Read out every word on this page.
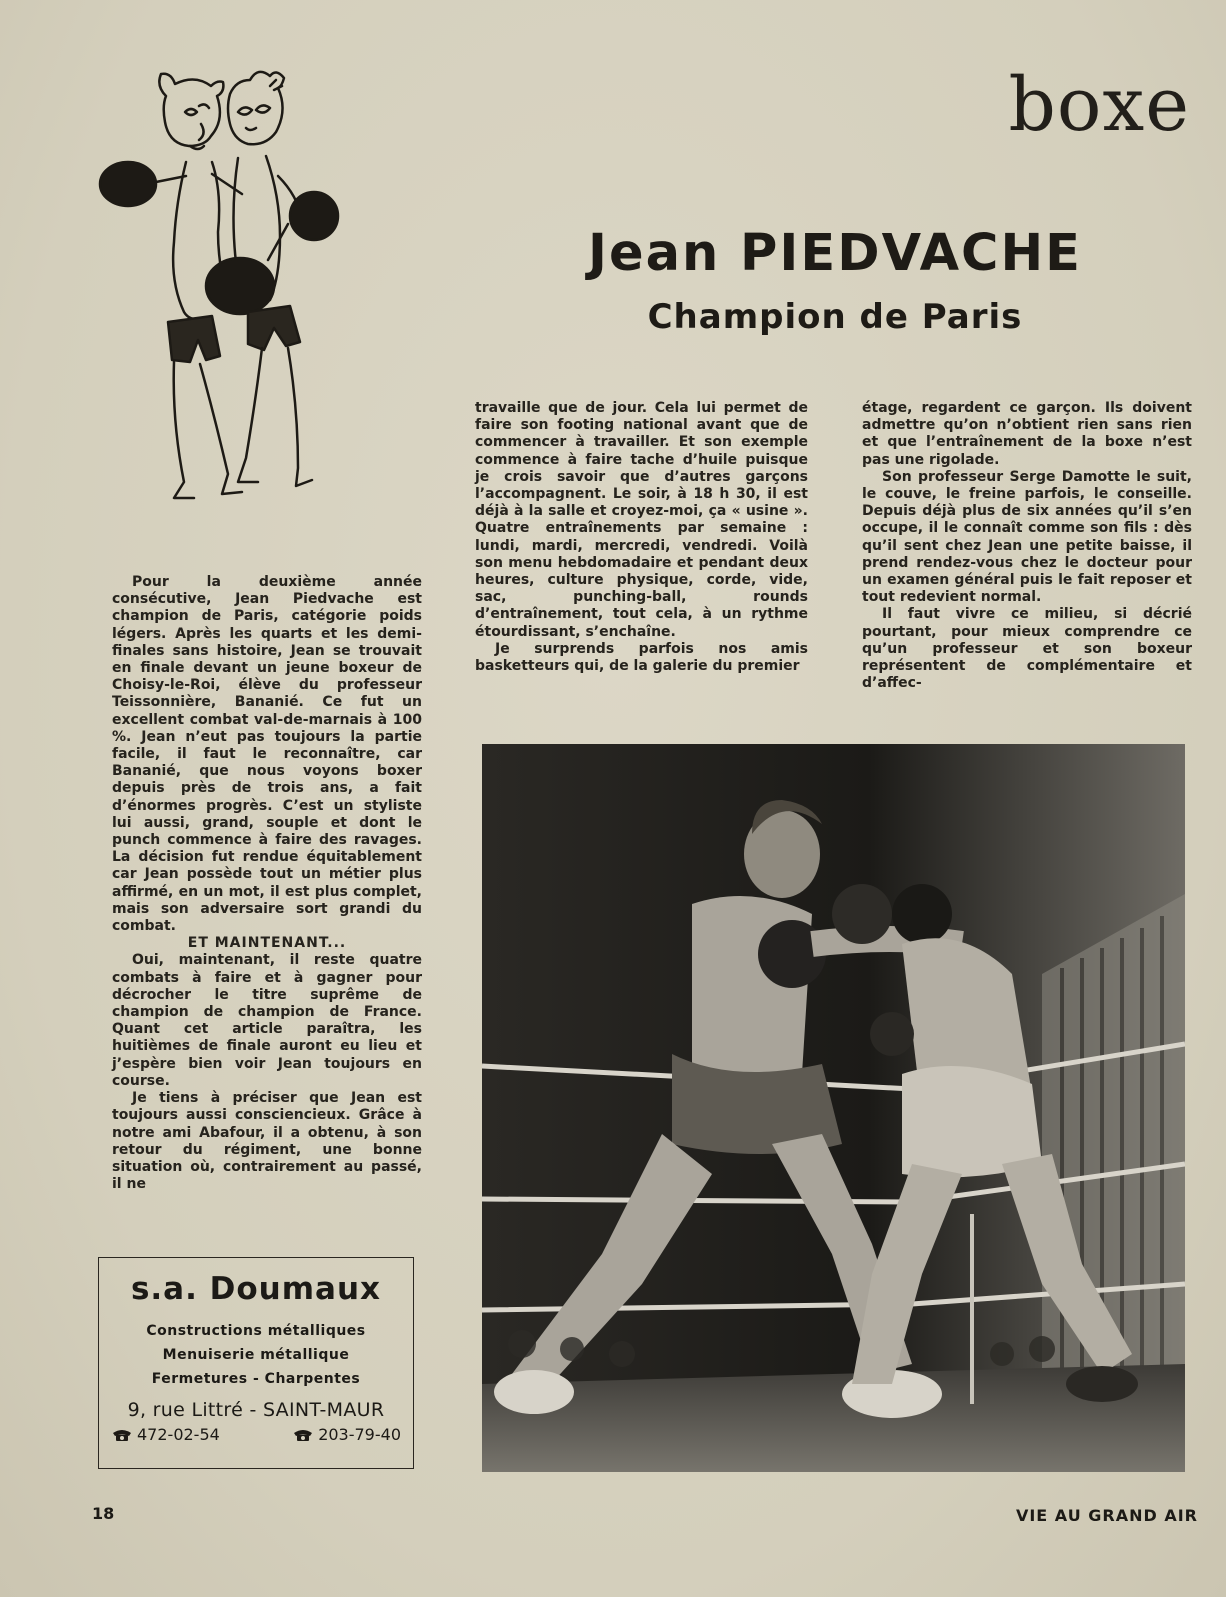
boxe
Jean PIEDVACHE
Champion de Paris

Pour la deuxième année consécutive, Jean Piedvache est champion de Paris, catégorie poids légers. Après les quarts et les demi-finales sans histoire, Jean se trouvait en finale devant un jeune boxeur de Choisy-le-Roi, élève du professeur Teissonnière, Bananié. Ce fut un excellent combat val-de-marnais à 100 %. Jean n’eut pas toujours la partie facile, il faut le reconnaître, car Bananié, que nous voyons boxer depuis près de trois ans, a fait d’énormes progrès. C’est un styliste lui aussi, grand, souple et dont le punch commence à faire des ravages. La décision fut rendue équitablement car Jean possède tout un métier plus affirmé, en un mot, il est plus complet, mais son adversaire sort grandi du combat.

ET MAINTENANT...

Oui, maintenant, il reste quatre combats à faire et à gagner pour décrocher le titre suprême de champion de champion de France. Quant cet article paraîtra, les huitièmes de finale auront eu lieu et j’espère bien voir Jean toujours en course.

Je tiens à préciser que Jean est toujours aussi consciencieux. Grâce à notre ami Abafour, il a obtenu, à son retour du régiment, une bonne situation où, contrairement au passé, il ne

travaille que de jour. Cela lui permet de faire son footing national avant que de commencer à travailler. Et son exemple commence à faire tache d’huile puisque je crois savoir que d’autres garçons l’accompagnent. Le soir, à 18 h 30, il est déjà à la salle et croyez-moi, ça « usine ». Quatre entraînements par semaine : lundi, mardi, mercredi, vendredi. Voilà son menu hebdomadaire et pendant deux heures, culture physique, corde, vide, sac, punching-ball, rounds d’entraînement, tout cela, à un rythme étourdissant, s’enchaîne.

Je surprends parfois nos amis basketteurs qui, de la galerie du premier

étage, regardent ce garçon. Ils doivent admettre qu’on n’obtient rien sans rien et que l’entraînement de la boxe n’est pas une rigolade.

Son professeur Serge Damotte le suit, le couve, le freine parfois, le conseille. Depuis déjà plus de six années qu’il s’en occupe, il le connaît comme son fils : dès qu’il sent chez Jean une petite baisse, il prend rendez-vous chez le docteur pour un examen général puis le fait reposer et tout redevient normal.

Il faut vivre ce milieu, si décrié pourtant, pour mieux comprendre ce qu’un professeur et son boxeur représentent de complémentaire et d’affec-

s.a. Doumaux
Constructions métalliques
Menuiserie métallique
Fermetures - Charpentes
9, rue Littré - SAINT-MAUR
472-02-54	203-79-40
18	VIE AU GRAND AIR
